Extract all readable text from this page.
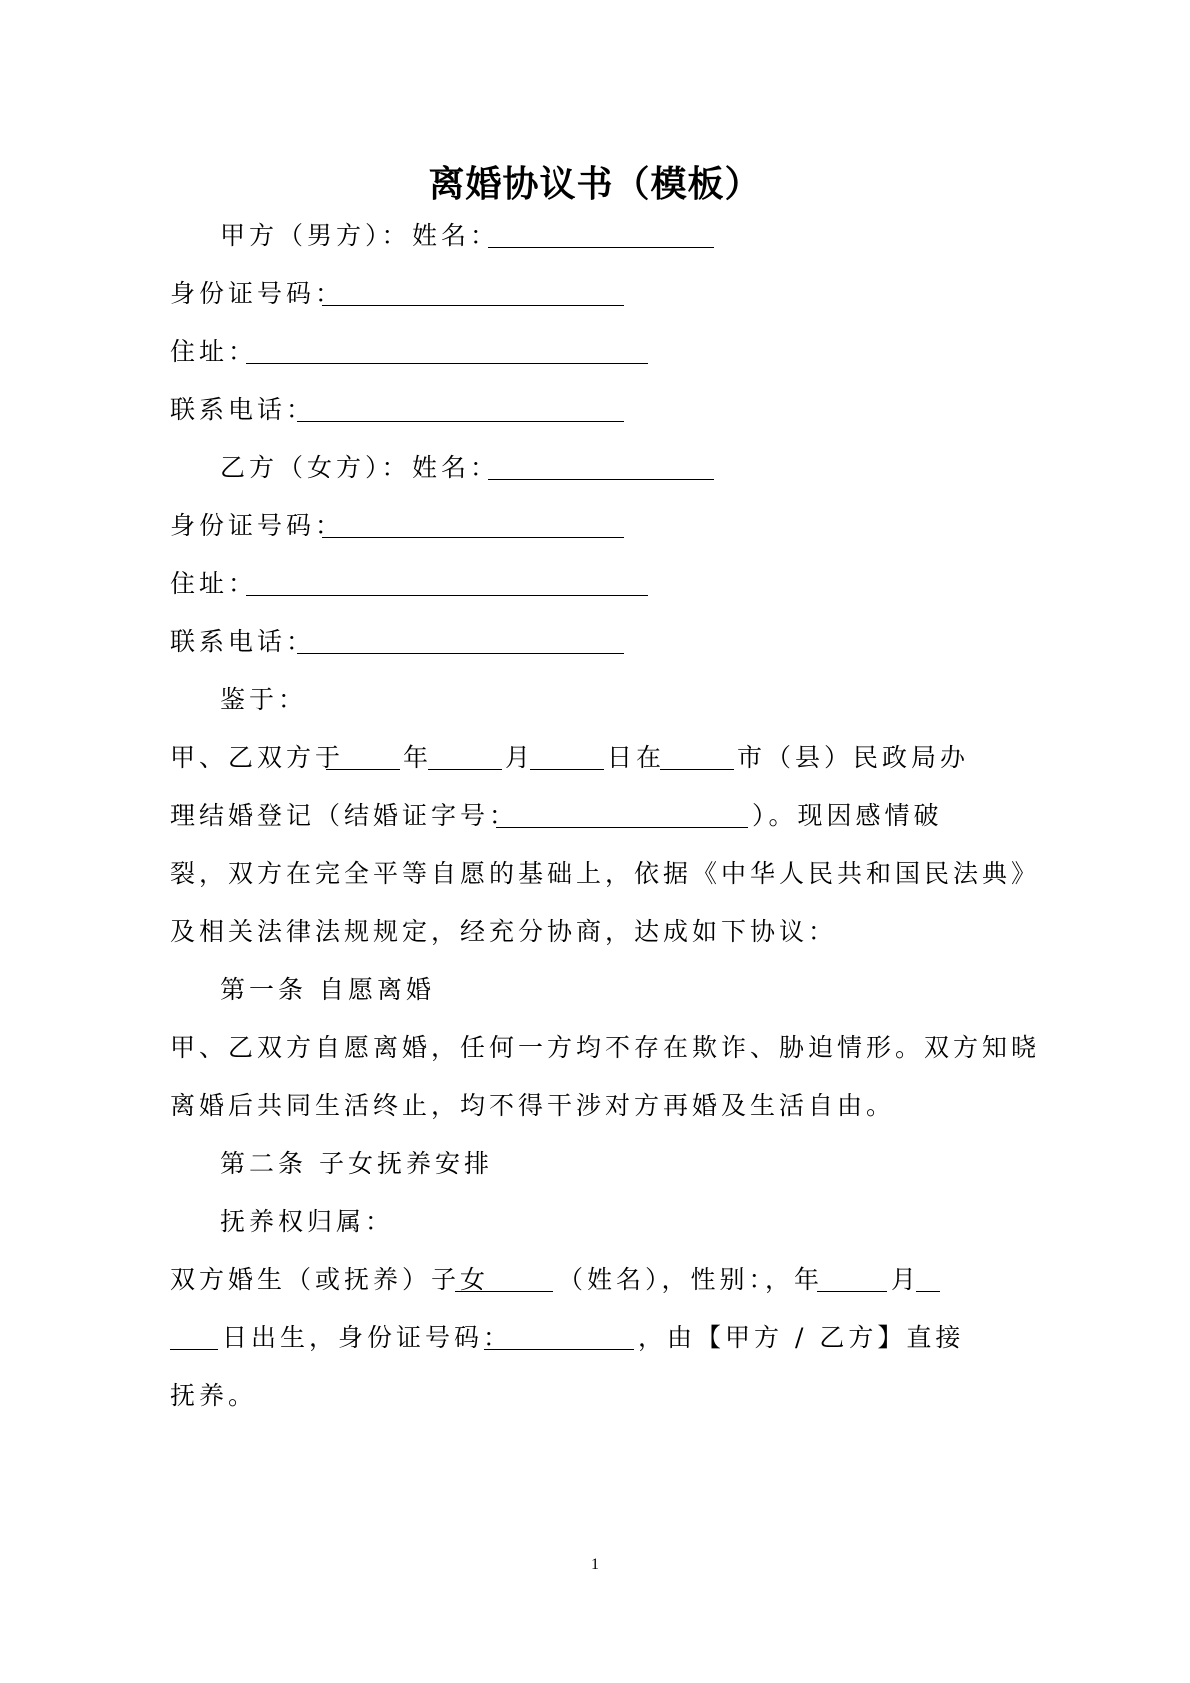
离婚协议书（模板）
甲方（男方）： 姓名：
身份证号码：
住址：
联系电话：
乙方（女方）： 姓名：
身份证号码：
住址：
联系电话：
鉴于：
甲、乙双方于 年	月	日在	市（县）民政局办
理结婚登记（结婚证字号：	）。现因感情破
裂，双方在完全平等自愿的基础上，依据《中华人民共和国民法典》
及相关法律法规规定，经充分协商，达成如下协议：
第一条 自愿离婚
甲、乙双方自愿离婚，任何一方均不存在欺诈、胁迫情形。双方知晓
离婚后共同生活终止，均不得干涉对方再婚及生活自由。
第二条 子女抚养安排
抚养权归属：
双方婚生（或抚养）子女	（姓名），性别：，年	月
日出生，身份证号码：	，由【甲方 / 乙方】直接
抚养。
1
